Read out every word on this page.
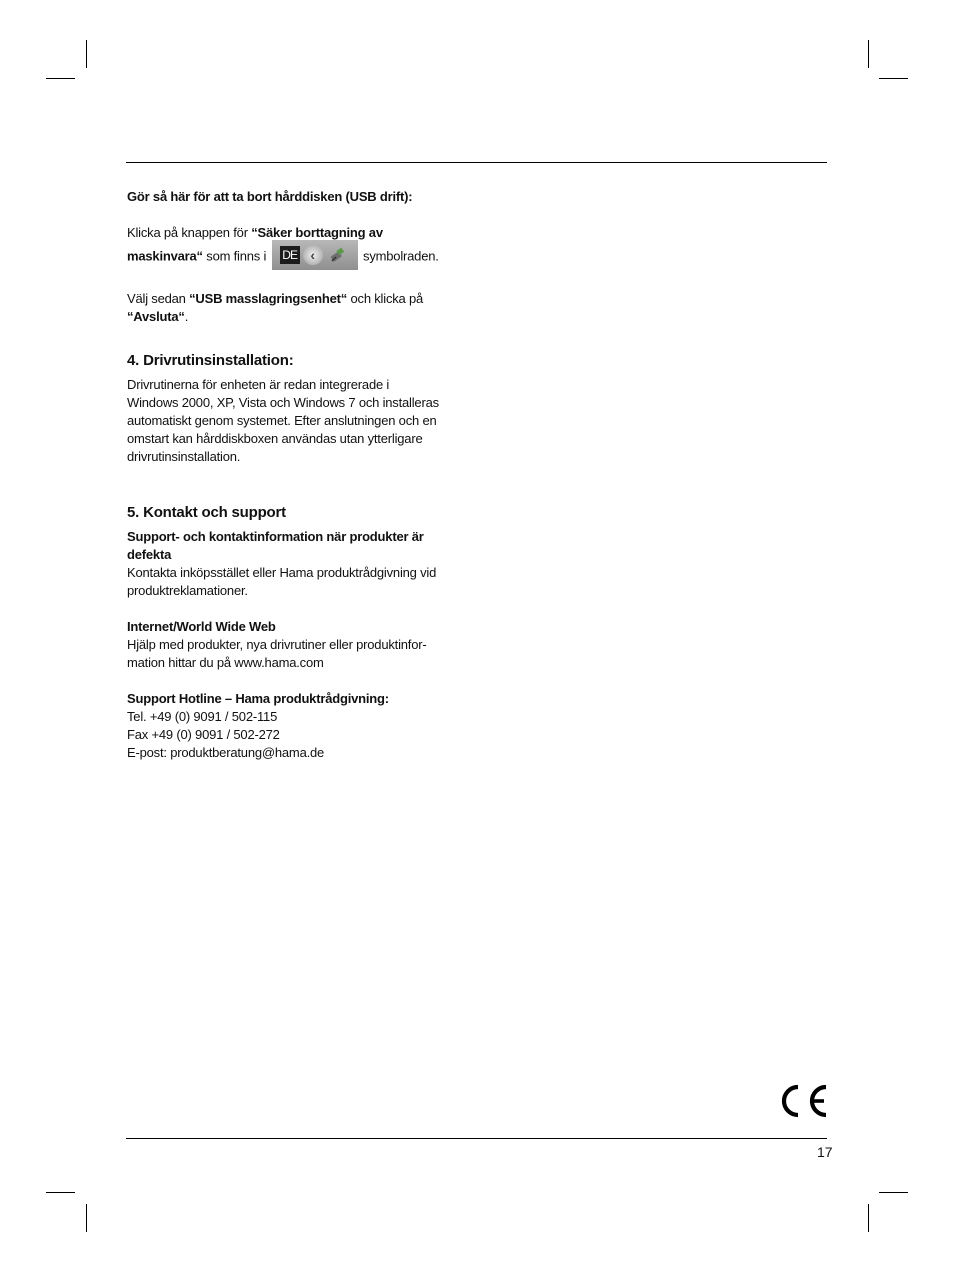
Gör så här för att ta bort hårddisken (USB drift):

Klicka på knappen för “Säker borttagning av

maskinvara“ som finns i DE ‹	symbolraden.

Välj sedan “USB masslagringsenhet“ och klicka på

“Avsluta“.

4. Drivrutinsinstallation:

Drivrutinerna för enheten är redan integrerade i

Windows 2000, XP, Vista och Windows 7 och installeras

automatiskt genom systemet. Efter anslutningen och en

omstart kan hårddiskboxen användas utan ytterligare

drivrutinsinstallation.

5. Kontakt och support

Support- och kontaktinformation när produkter är

defekta

Kontakta inköpsstället eller Hama produktrådgivning vid

produktreklamationer.

Internet/World Wide Web

Hjälp med produkter, nya drivrutiner eller produktinfor-

mation hittar du på www.hama.com

Support Hotline – Hama produktrådgivning:

Tel. +49 (0) 9091 / 502-115

Fax +49 (0) 9091 / 502-272

E-post: produktberatung@hama.de

17
